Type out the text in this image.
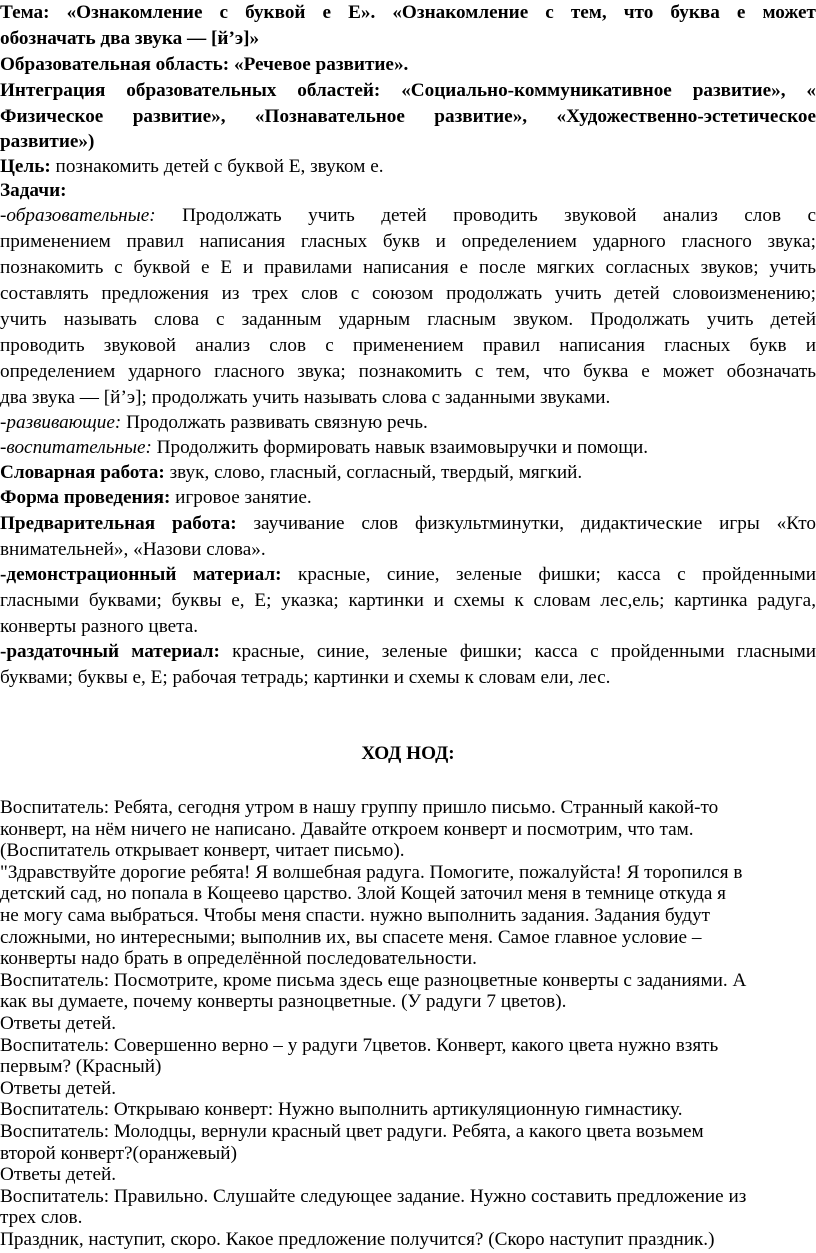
Тема: «Ознакомление с буквой е Е». «Ознакомление с тем, что буква е может

обозначать два звука — [й’э]»

Образовательная область: «Речевое развитие».

Интеграция образовательных областей: «Социально-коммуникативное развитие», «

Физическое развитие», «Познавательное развитие», «Художественно-эстетическое

развитие»)

Цель: познакомить детей с буквой Е, звуком е.

Задачи:

-образовательные: Продолжать учить детей проводить звуковой анализ слов с

применением правил написания гласных букв и определением ударного гласного звука;

познакомить с буквой е Е и правилами написания е после мягких согласных звуков; учить

составлять предложения из трех слов с союзом продолжать учить детей словоизменению;

учить называть слова с заданным ударным гласным звуком. Продолжать учить детей

проводить звуковой анализ слов с применением правил написания гласных букв и

определением ударного гласного звука; познакомить с тем, что буква е может обозначать

два звука — [й’э]; продолжать учить называть слова с заданными звуками.

-развивающие: Продолжать развивать связную речь.

-воспитательные: Продолжить формировать навык взаимовыручки и помощи.

Словарная работа: звук, слово, гласный, согласный, твердый, мягкий.

Форма проведения: игровое занятие.

Предварительная работа: заучивание слов физкультминутки, дидактические игры «Кто

внимательней», «Назови слова».

-демонстрационный материал: красные, синие, зеленые фишки; касса с пройденными

гласными буквами; буквы е, Е; указка; картинки и схемы к словам лес,ель; картинка радуга,

конверты разного цвета.

-раздаточный материал: красные, синие, зеленые фишки; касса с пройденными гласными

буквами; буквы е, Е; рабочая тетрадь; картинки и схемы к словам ели, лес.

ХОД НОД:

Воспитатель: Ребята, сегодня утром в нашу группу пришло письмо. Странный какой-то

конверт, на нём ничего не написано. Давайте откроем конверт и посмотрим, что там.

(Воспитатель открывает конверт, читает письмо).

"Здравствуйте дорогие ребята! Я волшебная радуга. Помогите, пожалуйста! Я торопился в

детский сад, но попала в Кощеево царство. Злой Кощей заточил меня в темнице откуда я

не могу сама выбраться. Чтобы меня спасти. нужно выполнить задания. Задания будут

сложными, но интересными; выполнив их, вы спасете меня. Самое главное условие –

конверты надо брать в определённой последовательности.

Воспитатель: Посмотрите, кроме письма здесь еще разноцветные конверты с заданиями. А

как вы думаете, почему конверты разноцветные. (У радуги 7 цветов).

Ответы детей.

Воспитатель: Совершенно верно – у радуги 7цветов. Конверт, какого цвета нужно взять

первым? (Красный)

Ответы детей.

Воспитатель: Открываю конверт: Нужно выполнить артикуляционную гимнастику.

Воспитатель: Молодцы, вернули красный цвет радуги. Ребята, а какого цвета возьмем

второй конверт?(оранжевый)

Ответы детей.

Воспитатель: Правильно. Слушайте следующее задание. Нужно составить предложение из

трех слов.

Праздник, наступит, скоро. Какое предложение получится? (Скоро наступит праздник.)
